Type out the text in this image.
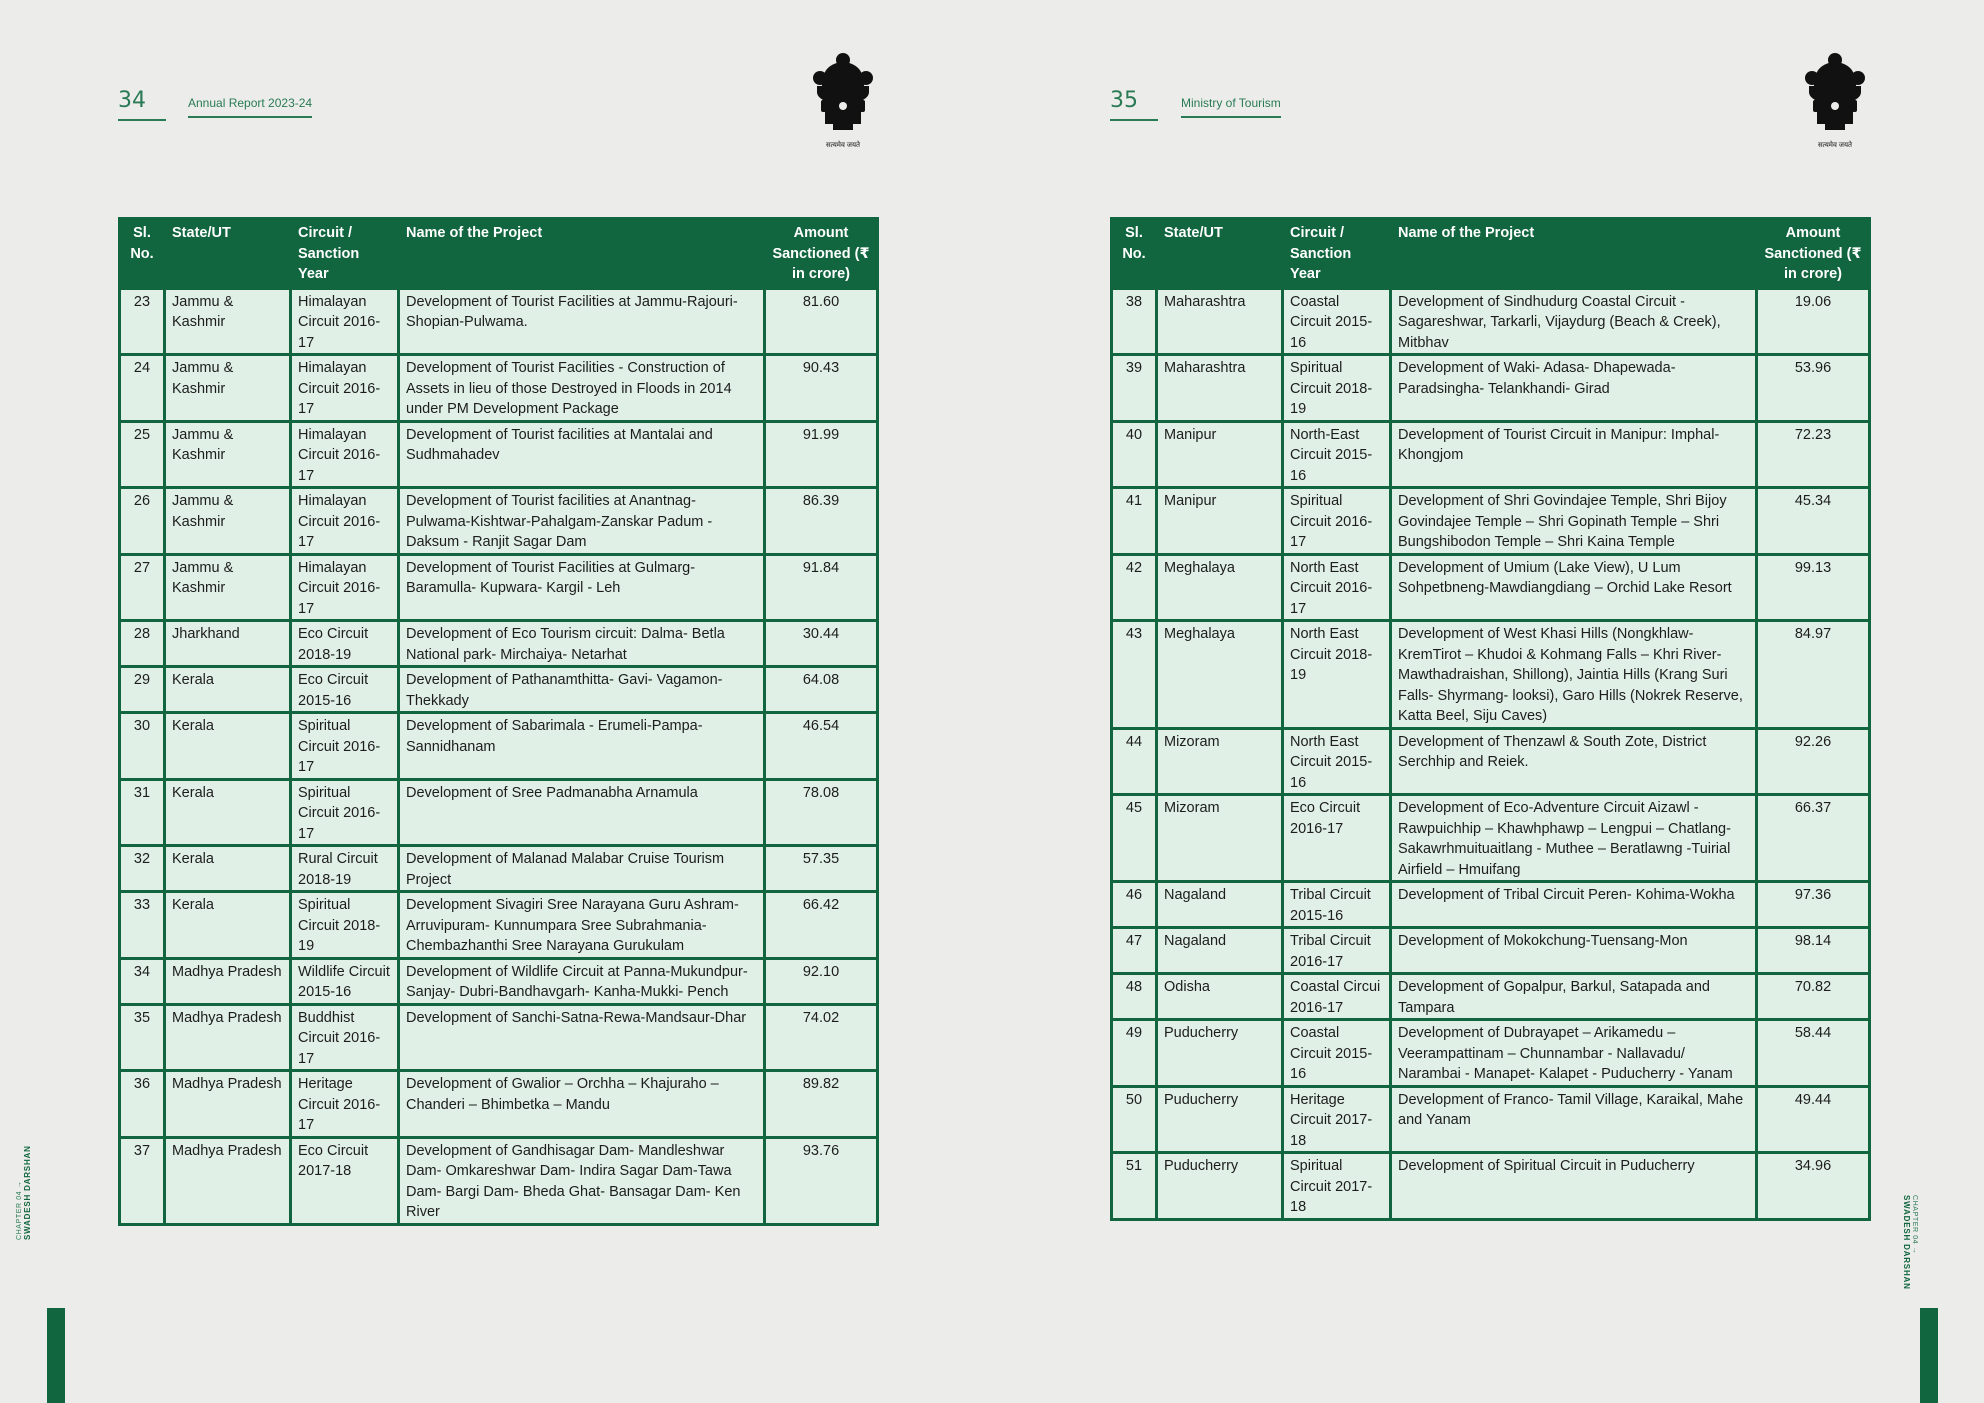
34	Annual Report 2023-24
सत्यमेव जयते
Sl. No.	State/UT	Circuit / Sanction Year	Name of the Project	Amount Sanctioned (₹ in crore)
23	Jammu & Kashmir	Himalayan Circuit 2016-17	Development of Tourist Facilities at Jammu-Rajouri-Shopian-Pulwama.	81.60
24	Jammu & Kashmir	Himalayan Circuit 2016-17	Development of Tourist Facilities - Construction of Assets in lieu of those Destroyed in Floods in 2014 under PM Development Package	90.43
25	Jammu & Kashmir	Himalayan Circuit 2016-17	Development of Tourist facilities at Mantalai and Sudhmahadev	91.99
26	Jammu & Kashmir	Himalayan Circuit 2016-17	Development of Tourist facilities at Anantnag-Pulwama-Kishtwar-Pahalgam-Zanskar Padum - Daksum - Ranjit Sagar Dam	86.39
27	Jammu & Kashmir	Himalayan Circuit 2016-17	Development of Tourist Facilities at Gulmarg-Baramulla- Kupwara- Kargil - Leh	91.84
28	Jharkhand	Eco Circuit 2018-19	Development of Eco Tourism circuit: Dalma- Betla National park- Mirchaiya- Netarhat	30.44
29	Kerala	Eco Circuit 2015-16	Development of Pathanamthitta- Gavi- Vagamon-Thekkady	64.08
30	Kerala	Spiritual Circuit 2016-17	Development of Sabarimala - Erumeli-Pampa-Sannidhanam	46.54
31	Kerala	Spiritual Circuit 2016-17	Development of Sree Padmanabha Arnamula	78.08
32	Kerala	Rural Circuit 2018-19	Development of Malanad Malabar Cruise Tourism Project	57.35
33	Kerala	Spiritual Circuit 2018-19	Development Sivagiri Sree Narayana Guru Ashram- Arruvipuram- Kunnumpara Sree Subrahmania- Chembazhanthi Sree Narayana Gurukulam	66.42
34	Madhya Pradesh	Wildlife Circuit 2015-16	Development of Wildlife Circuit at Panna-Mukundpur- Sanjay- Dubri-Bandhavgarh- Kanha-Mukki- Pench	92.10
35	Madhya Pradesh	Buddhist Circuit 2016-17	Development of Sanchi-Satna-Rewa-Mandsaur-Dhar	74.02
36	Madhya Pradesh	Heritage Circuit 2016-17	Development of Gwalior – Orchha – Khajuraho – Chanderi – Bhimbetka – Mandu	89.82
37	Madhya Pradesh	Eco Circuit 2017-18	Development of Gandhisagar Dam- Mandleshwar Dam- Omkareshwar Dam- Indira Sagar Dam-Tawa Dam- Bargi Dam- Bheda Ghat- Bansagar Dam- Ken River	93.76
CHAPTER 04 → SWADESH DARSHAN
35	Ministry of Tourism
सत्यमेव जयते
Sl. No.	State/UT	Circuit / Sanction Year	Name of the Project	Amount Sanctioned (₹ in crore)
38	Maharashtra	Coastal Circuit 2015-16	Development of Sindhudurg Coastal Circuit - Sagareshwar, Tarkarli, Vijaydurg (Beach & Creek), Mitbhav	19.06
39	Maharashtra	Spiritual Circuit 2018-19	Development of Waki- Adasa- Dhapewada-Paradsingha- Telankhandi- Girad	53.96
40	Manipur	North-East Circuit 2015-16	Development of Tourist Circuit in Manipur: Imphal- Khongjom	72.23
41	Manipur	Spiritual Circuit 2016-17	Development of Shri Govindajee Temple, Shri Bijoy Govindajee Temple – Shri Gopinath Temple – Shri Bungshibodon Temple – Shri Kaina Temple	45.34
42	Meghalaya	North East Circuit 2016-17	Development of Umium (Lake View), U Lum Sohpetbneng-Mawdiangdiang – Orchid Lake Resort	99.13
43	Meghalaya	North East Circuit 2018-19	Development of West Khasi Hills (Nongkhlaw-KremTirot – Khudoi & Kohmang Falls – Khri River-Mawthadraishan, Shillong), Jaintia Hills (Krang Suri Falls- Shyrmang- looksi), Garo Hills (Nokrek Reserve, Katta Beel, Siju Caves)	84.97
44	Mizoram	North East Circuit 2015-16	Development of Thenzawl & South Zote, District Serchhip and Reiek.	92.26
45	Mizoram	Eco Circuit 2016-17	Development of Eco-Adventure Circuit Aizawl -Rawpuichhip – Khawhphawp – Lengpui – Chatlang- Sakawrhmuituaitlang - Muthee – Beratlawng -Tuirial Airfield – Hmuifang	66.37
46	Nagaland	Tribal Circuit 2015-16	Development of Tribal Circuit Peren- Kohima-Wokha	97.36
47	Nagaland	Tribal Circuit 2016-17	Development of Mokokchung-Tuensang-Mon	98.14
48	Odisha	Coastal Circui 2016-17	Development of Gopalpur, Barkul, Satapada and Tampara	70.82
49	Puducherry	Coastal Circuit 2015-16	Development of Dubrayapet – Arikamedu – Veerampattinam – Chunnambar - Nallavadu/ Narambai - Manapet- Kalapet - Puducherry - Yanam	58.44
50	Puducherry	Heritage Circuit 2017-18	Development of Franco- Tamil Village, Karaikal, Mahe and Yanam	49.44
51	Puducherry	Spiritual Circuit 2017-18	Development of Spiritual Circuit in Puducherry	34.96
CHAPTER 04 →
SWADESH DARSHAN
